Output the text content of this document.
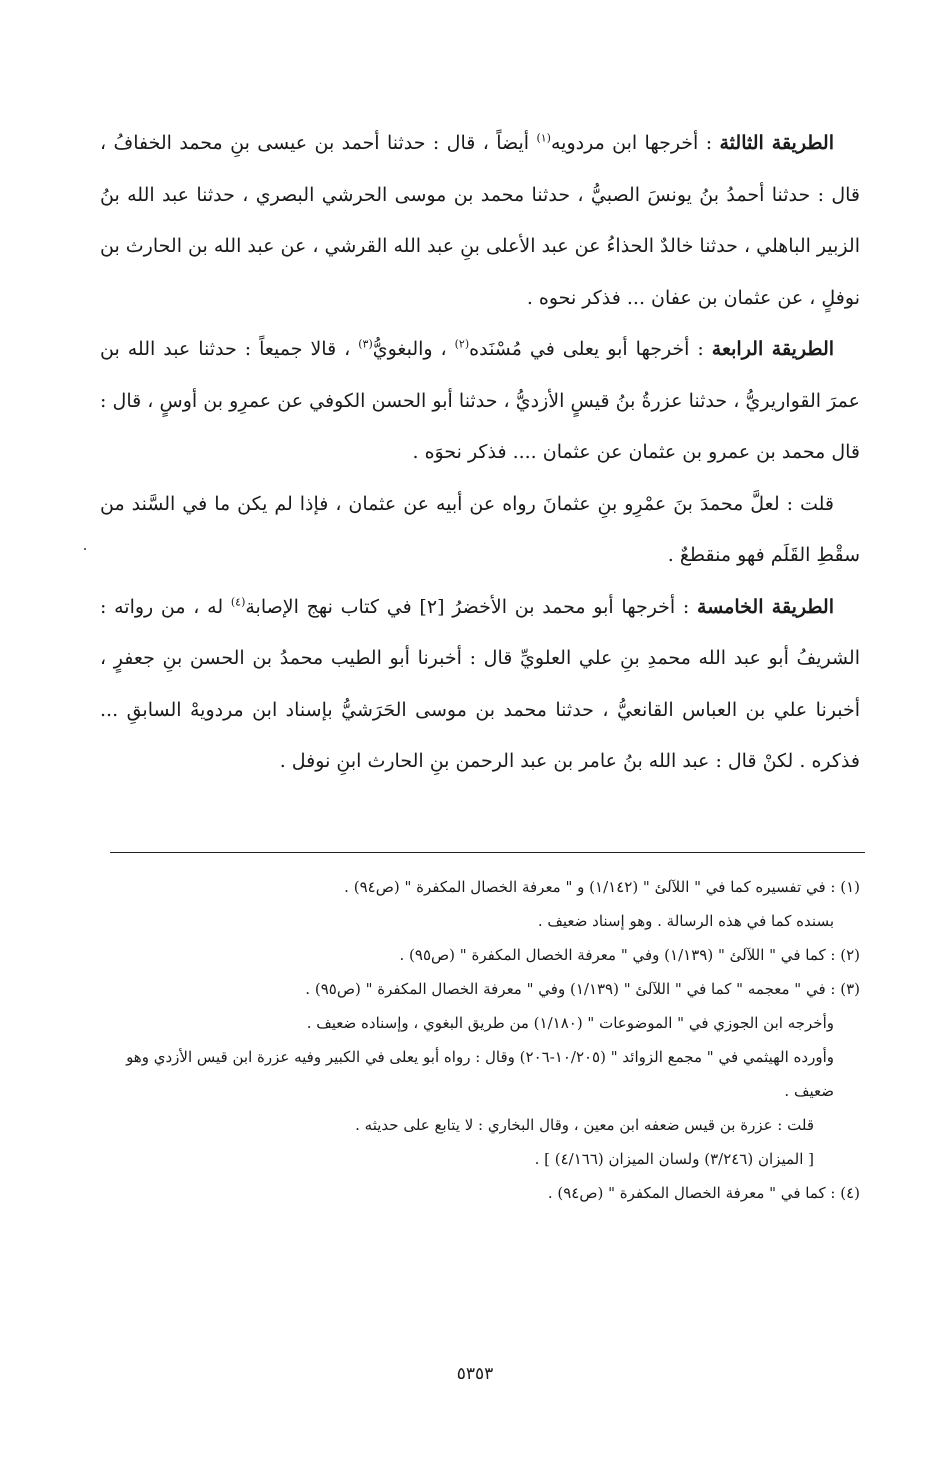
الطريقة الثالثة : أخرجها ابن مردويه$^{(١)}$ أيضاً ، قال : حدثنا أحمد بن عيسى بنِ محمد الخفافُ ، قال : حدثنا أحمدُ بنُ يونسَ الصبيُّ ، حدثنا محمد بن موسى الحرشي البصري ، حدثنا عبد الله بنُ الزبير الباهلي ، حدثنا خالدٌ الحذاءُ عن عبد الأعلى بنِ عبد الله القرشي ، عن عبد الله بن الحارث بن نوفلٍ ، عن عثمان بن عفان ... فذكر نحوه .

الطريقة الرابعة : أخرجها أبو يعلى في مُسْنَده$^{(٢)}$ ، والبغويُّ$^{(٣)}$ ، قالا جميعاً : حدثنا عبد الله بن عمرَ القواريريُّ ، حدثنا عزرةُ بنُ قيسٍ الأزديُّ ، حدثنا أبو الحسن الكوفي عن عمرِو بن أوسٍ ، قال : قال محمد بن عمرو بن عثمان عن عثمان .... فذكر نحوَه .

قلت : لعلَّ محمدَ بنَ عمْرِو بنِ عثمانَ رواه عن أبيه عن عثمان ، فإذا لم يكن ما في السَّند من سقْطِ القَلَم فهو منقطعٌ .

الطريقة الخامسة : أخرجها أبو محمد بن الأخضرُ [٢] في كتاب نهج الإصابة$^{(٤)}$ له ، من رواته : الشريفُ أبو عبد الله محمدِ بنِ علي العلويِّ قال : أخبرنا أبو الطيب محمدُ بن الحسن بنِ جعفرٍ ، أخبرنا علي بن العباس القانعيُّ ، حدثنا محمد بن موسى الحَرَشيُّ بإسناد ابن مردويهْ السابقِ ... فذكره . لكنْ قال : عبد الله بنُ عامر بن عبد الرحمن بنِ الحارث ابنِ نوفل .

(١) : في تفسيره كما في " اللآلئ " (١/١٤٢) و " معرفة الخصال المكفرة " (ص٩٤) .

بسنده كما في هذه الرسالة . وهو إسناد ضعيف .

(٢) : كما في " اللآلئ " (١/١٣٩) وفي " معرفة الخصال المكفرة " (ص٩٥) .

(٣) : في " معجمه " كما في " اللآلئ " (١/١٣٩) وفي " معرفة الخصال المكفرة " (ص٩٥) .

وأخرجه ابن الجوزي في " الموضوعات " (١/١٨٠) من طريق البغوي ، وإسناده ضعيف .

وأورده الهيثمي في " مجمع الزوائد " (١٠/٢٠٥-٢٠٦) وقال : رواه أبو يعلى في الكبير وفيه عزرة ابن قيس الأزدي وهو ضعيف .

قلت : عزرة بن قيس ضعفه ابن معين ، وقال البخاري : لا يتابع على حديثه .

[ الميزان (٣/٢٤٦) ولسان الميزان (٤/١٦٦) ] .

(٤) : كما في " معرفة الخصال المكفرة " (ص٩٤) .

٥٣٥٣
